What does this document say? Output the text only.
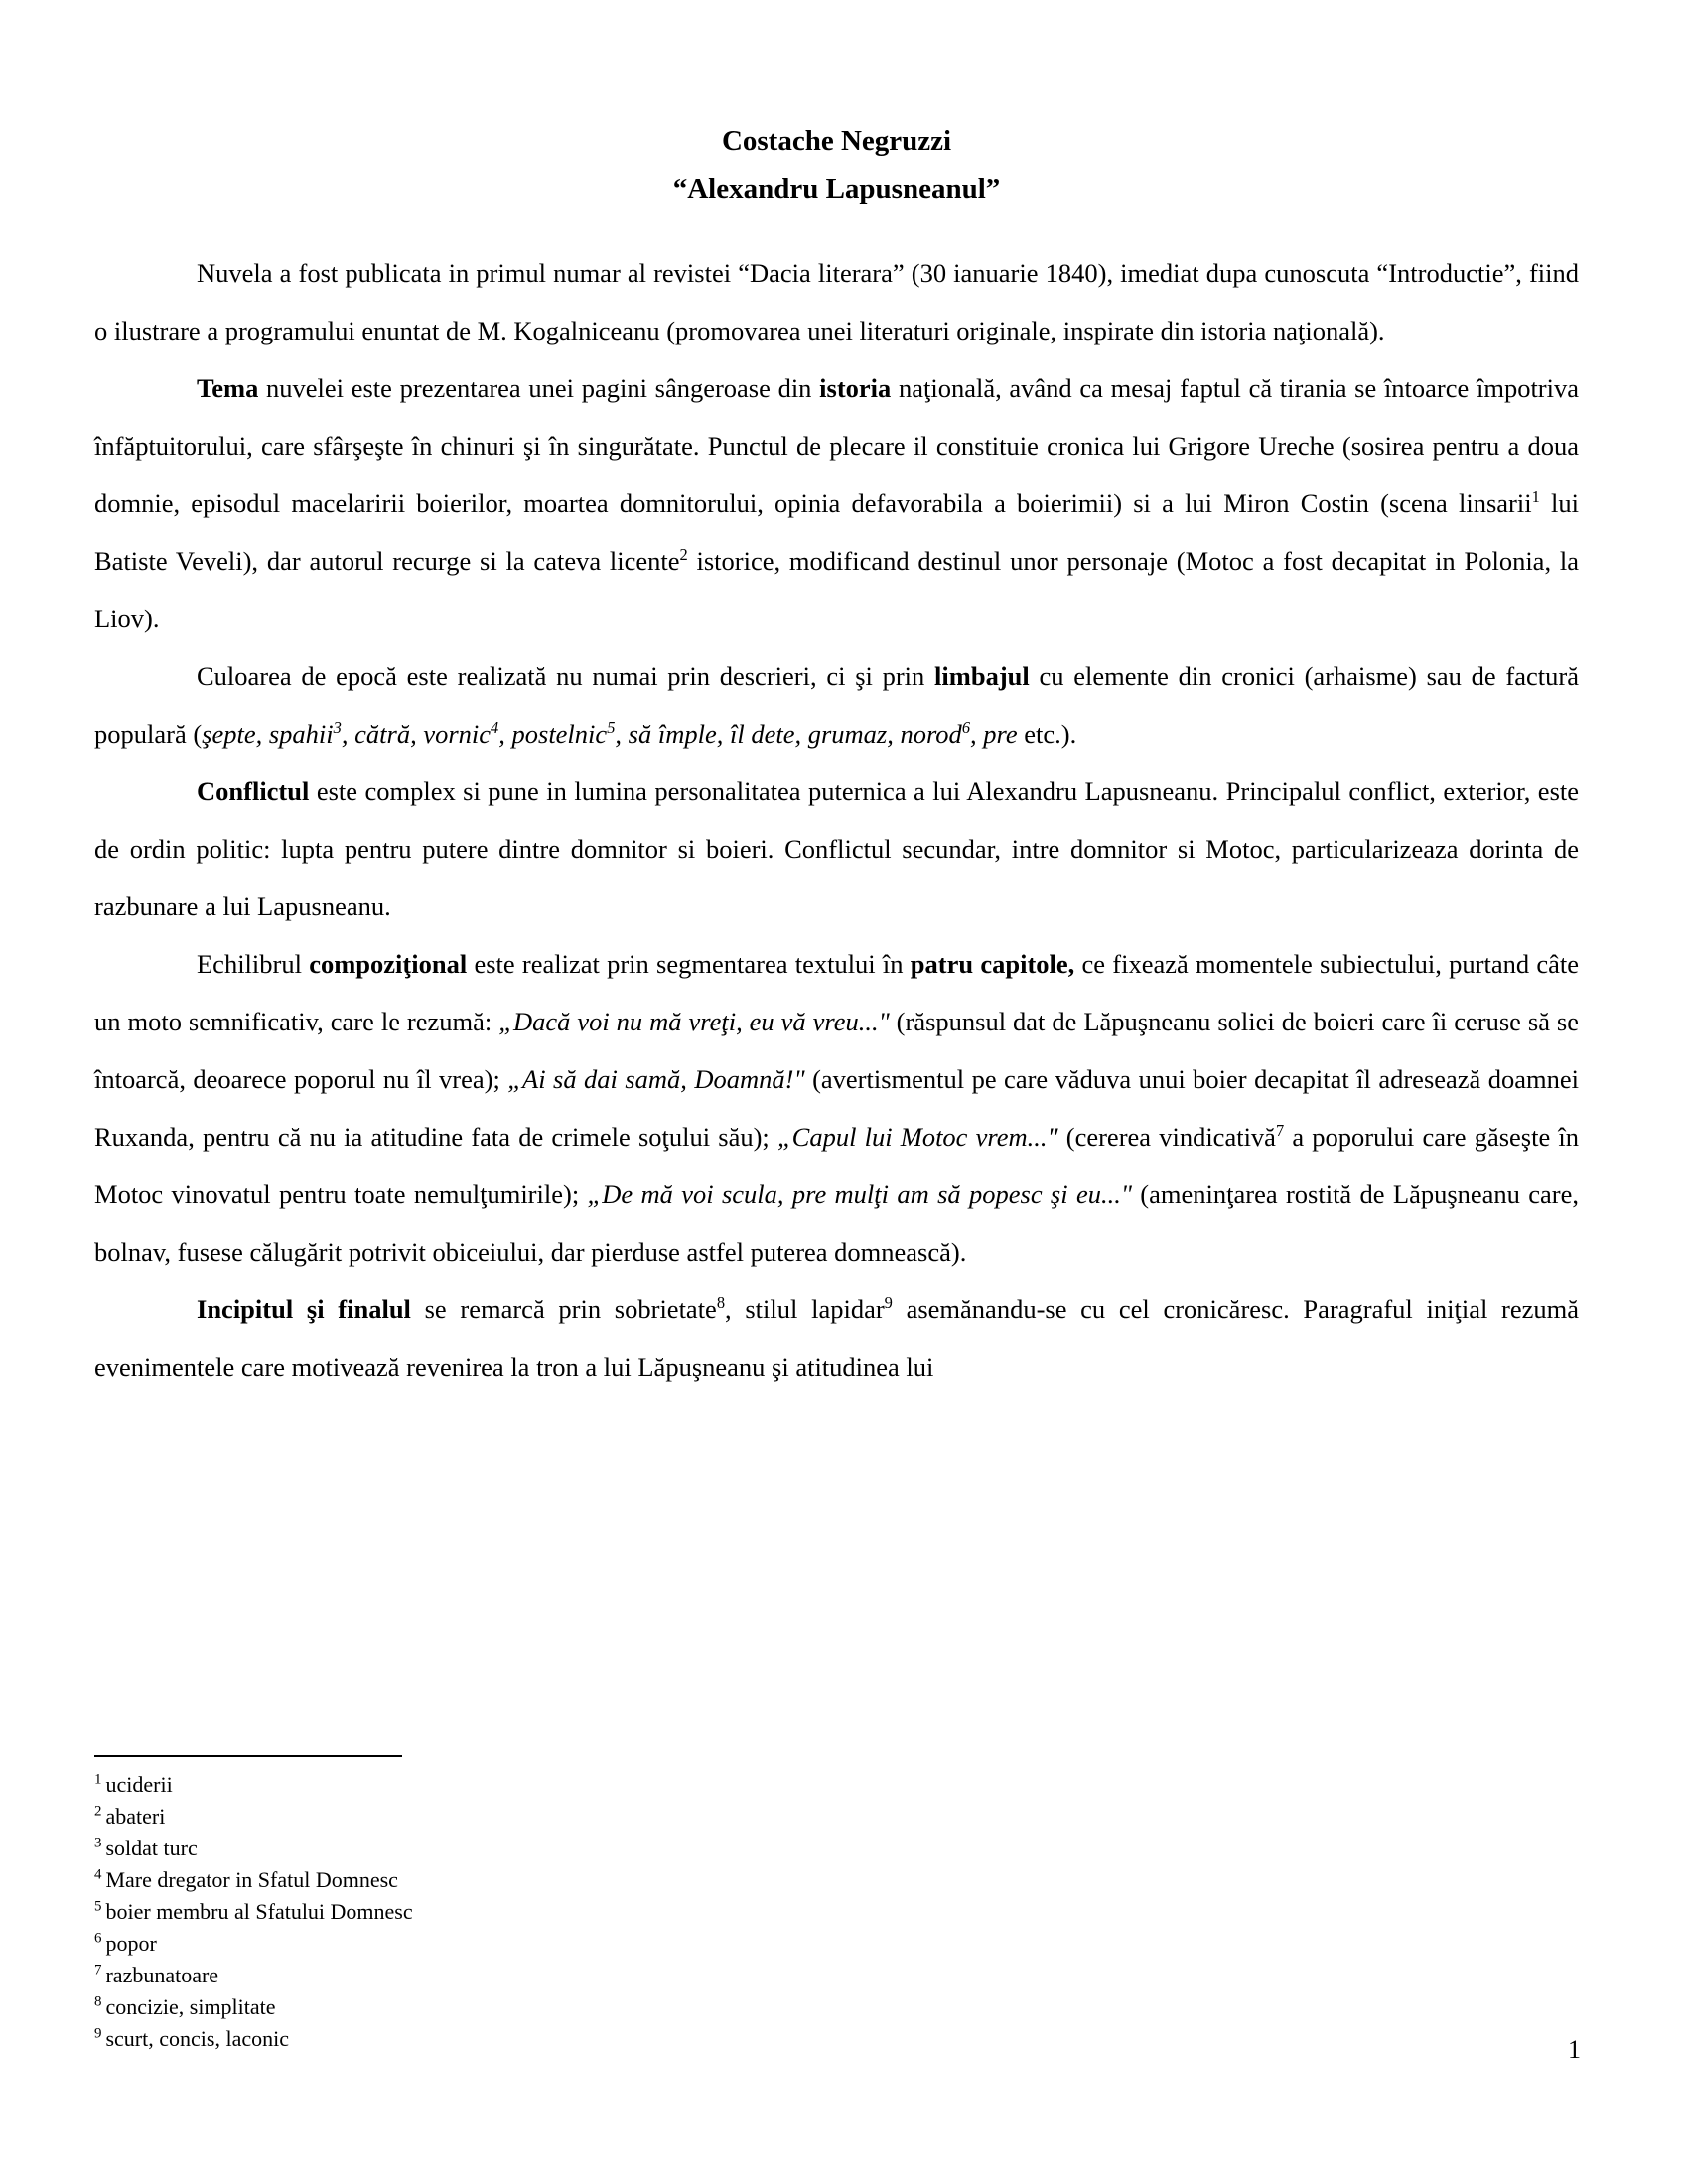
Costache Negruzzi
“Alexandru Lapusneanul”

Nuvela a fost publicata in primul numar al revistei “Dacia literara” (30 ianuarie 1840), imediat dupa cunoscuta “Introductie”, fiind o ilustrare a programului enuntat de M. Kogalniceanu (promovarea unei literaturi originale, inspirate din istoria naţională).

Tema nuvelei este prezentarea unei pagini sângeroase din istoria naţională, având ca mesaj faptul că tirania se întoarce împotriva înfăptuitorului, care sfârşeşte în chinuri şi în singurătate. Punctul de plecare il constituie cronica lui Grigore Ureche (sosirea pentru a doua domnie, episodul macelaririi boierilor, moartea domnitorului, opinia defavorabila a boierimii) si a lui Miron Costin (scena linsarii$^1$ lui Batiste Veveli), dar autorul recurge si la cateva licente$^2$ istorice, modificand destinul unor personaje (Motoc a fost decapitat in Polonia, la Liov).

Culoarea de epocă este realizată nu numai prin descrieri, ci şi prin limbajul cu elemente din cronici (arhaisme) sau de factură populară (şepte, spahii$^3$, cătră, vornic$^4$, postelnic$^5$, să împle, îl dete, grumaz, norod$^6$, pre etc.).

Conflictul este complex si pune in lumina personalitatea puternica a lui Alexandru Lapusneanu. Principalul conflict, exterior, este de ordin politic: lupta pentru putere dintre domnitor si boieri. Conflictul secundar, intre domnitor si Motoc, particularizeaza dorinta de razbunare a lui Lapusneanu.

Echilibrul compoziţional este realizat prin segmentarea textului în patru capitole, ce fixează momentele subiectului, purtand câte un moto semnificativ, care le rezumă: „Dacă voi nu mă vreţi, eu vă vreu..." (răspunsul dat de Lăpuşneanu soliei de boieri care îi ceruse să se întoarcă, deoarece poporul nu îl vrea); „Ai să dai samă, Doamnă!" (avertismentul pe care văduva unui boier decapitat îl adresează doamnei Ruxanda, pentru că nu ia atitudine fata de crimele soţului său); „Capul lui Motoc vrem..." (cererea vindicativă$^7$ a poporului care găseşte în Motoc vinovatul pentru toate nemulţumirile); „De mă voi scula, pre mulţi am să popesc şi eu..." (ameninţarea rostită de Lăpuşneanu care, bolnav, fusese călugărit potrivit obiceiului, dar pierduse astfel puterea domnească).

Incipitul şi finalul se remarcă prin sobrietate$^8$, stilul lapidar$^9$ asemănandu-se cu cel cronicăresc. Paragraful iniţial rezumă evenimentele care motivează revenirea la tron a lui Lăpuşneanu şi atitudinea lui

$^1$ uciderii
$^2$ abateri
$^3$ soldat turc
$^4$ Mare dregator in Sfatul Domnesc
$^5$ boier membru al Sfatului Domnesc
$^6$ popor
$^7$ razbunatoare
$^8$ concizie, simplitate
$^9$ scurt, concis, laconic	1
